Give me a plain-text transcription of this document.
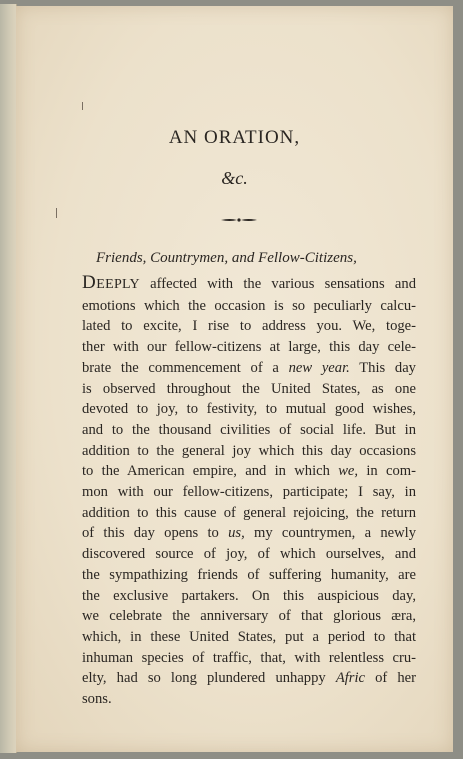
AN ORATION,
&c.
Friends, Countrymen, and Fellow-Citizens,
DEEPLY affected with the various sensations and
emotions which the occasion is so peculiarly calcu-
lated to excite, I rise to address you. We, toge-
ther with our fellow-citizens at large, this day cele-
brate the commencement of a new year. This day
is observed throughout the United States, as one
devoted to joy, to festivity, to mutual good wishes,
and to the thousand civilities of social life. But in
addition to the general joy which this day occasions
to the American empire, and in which we, in com-
mon with our fellow-citizens, participate; I say, in
addition to this cause of general rejoicing, the return
of this day opens to us, my countrymen, a newly
discovered source of joy, of which ourselves, and
the sympathizing friends of suffering humanity, are
the exclusive partakers. On this auspicious day,
we celebrate the anniversary of that glorious æra,
which, in these United States, put a period to that
inhuman species of traffic, that, with relentless cru-
elty, had so long plundered unhappy Afric of her
sons.
